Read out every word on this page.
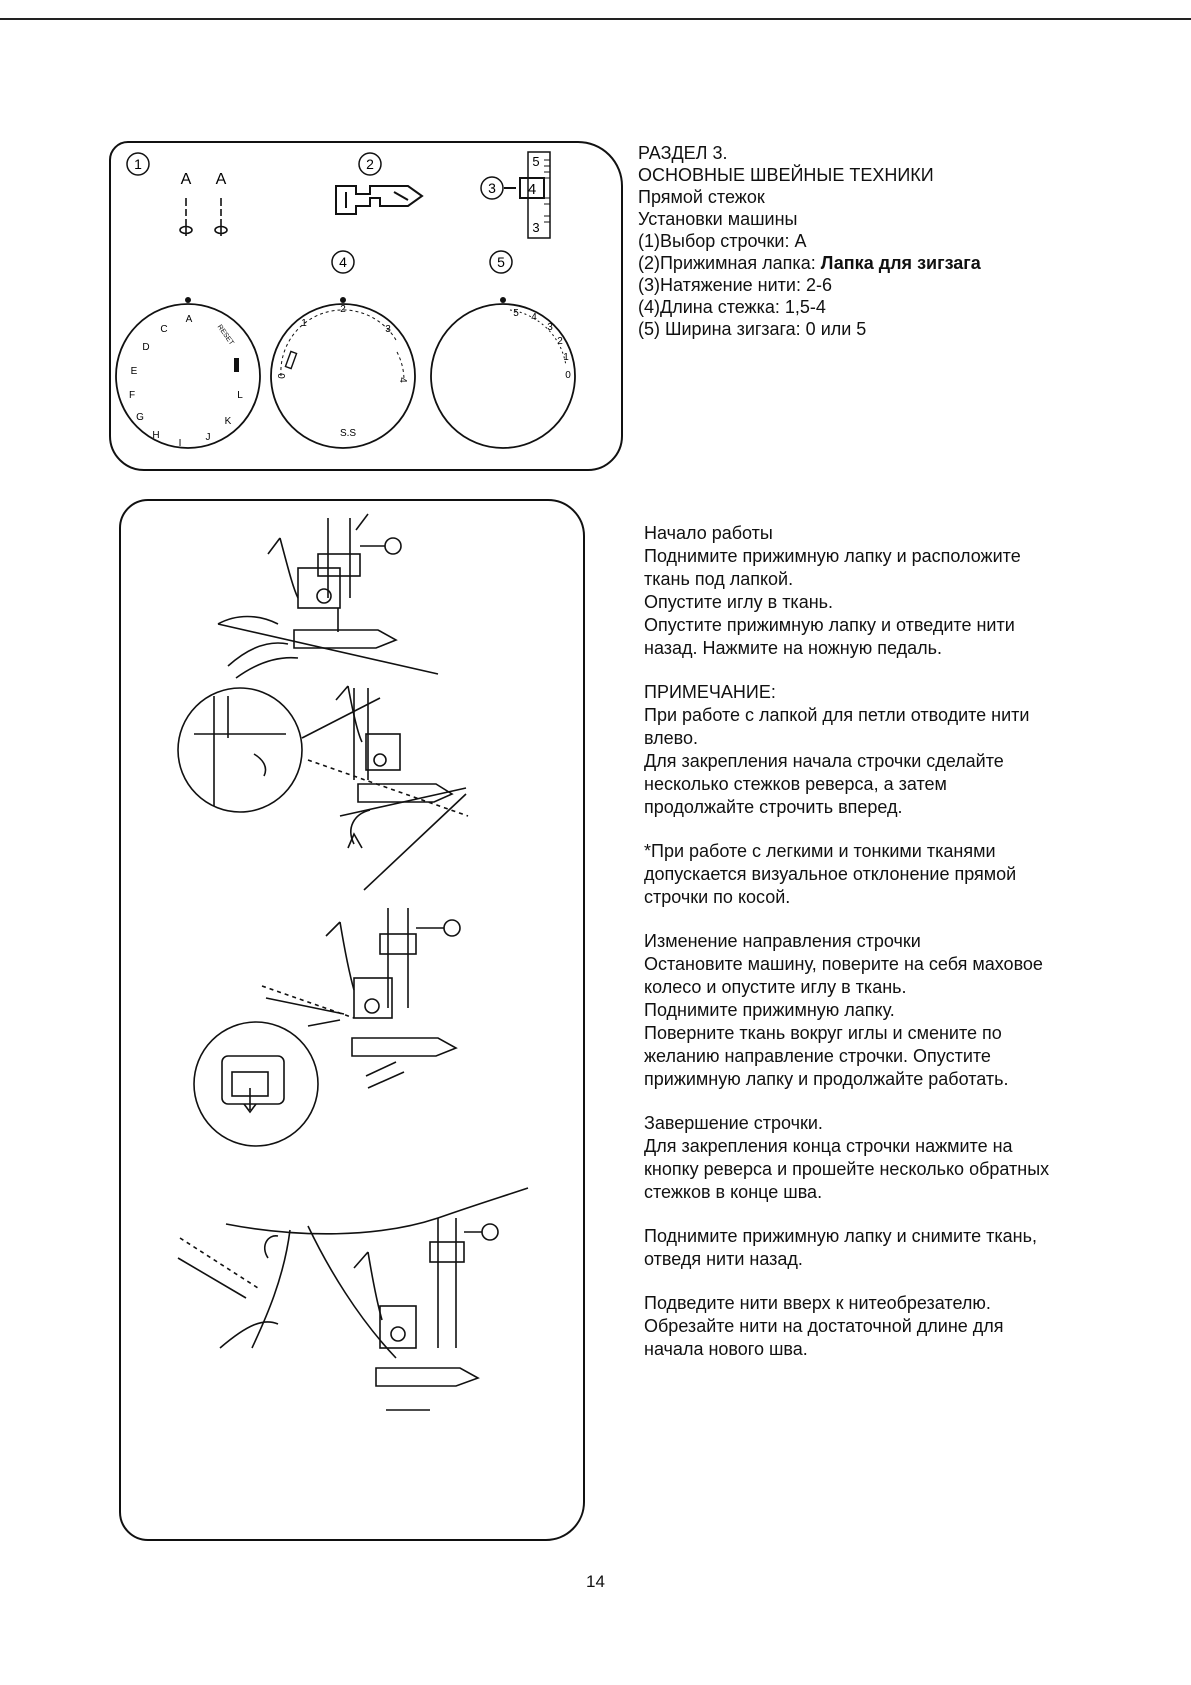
1
A A
2
3
5
4
3
4	5
A
C
D
E
F
G
H
I
J
K
L
RESET
0
1
2
3
4
S.S
5 4
3
2
1
0
РАЗДЕЛ 3.
ОСНОВНЫЕ ШВЕЙНЫЕ ТЕХНИКИ
Прямой стежок
Установки машины
(1)Выбор строчки: А
(2)Прижимная лапка: Лапка для зигзага
(3)Натяжение нити: 2-6
(4)Длина стежка: 1,5-4
(5) Ширина зигзага: 0 или 5

Начало работы
Поднимите прижимную лапку и расположите
ткань под лапкой.
Опустите иглу в ткань.
Опустите прижимную лапку и отведите нити
назад. Нажмите на ножную педаль.

ПРИМЕЧАНИЕ:
При работе с лапкой для петли отводите нити
влево.
Для закрепления начала строчки сделайте
несколько стежков реверса, а затем
продолжайте строчить вперед.

*При работе с легкими и тонкими тканями
допускается визуальное отклонение прямой
строчки по косой.

Изменение направления строчки
Остановите машину, поверите на себя маховое
колесо и опустите иглу в ткань.
Поднимите прижимную лапку.
Поверните ткань вокруг иглы и смените по
желанию направление строчки. Опустите
прижимную лапку и продолжайте работать.

Завершение строчки.
Для закрепления конца строчки нажмите на
кнопку реверса и прошейте несколько обратных
стежков в конце шва.

Поднимите прижимную лапку и снимите ткань,
отведя нити назад.

Подведите нити вверх к нитеобрезателю.
Обрезайте нити на достаточной длине для
начала нового шва.

14
